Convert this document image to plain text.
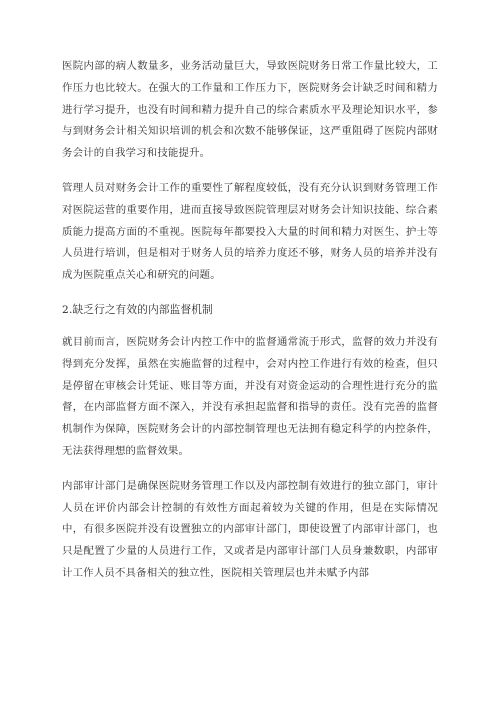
医院内部的病人数量多，业务活动量巨大，导致医院财务日常工作量比较大，工作压力也比较大。在强大的工作量和工作压力下，医院财务会计缺乏时间和精力进行学习提升，也没有时间和精力提升自己的综合素质水平及理论知识水平，参与到财务会计相关知识培训的机会和次数不能够保证，这严重阻碍了医院内部财务会计的自我学习和技能提升。

管理人员对财务会计工作的重要性了解程度较低，没有充分认识到财务管理工作对医院运营的重要作用，进而直接导致医院管理层对财务会计知识技能、综合素质能力提高方面的不重视。医院每年都要投入大量的时间和精力对医生、护士等人员进行培训，但是相对于财务人员的培养力度还不够，财务人员的培养并没有成为医院重点关心和研究的问题。

2.缺乏行之有效的内部监督机制

就目前而言，医院财务会计内控工作中的监督通常流于形式，监督的效力并没有得到充分发挥，虽然在实施监督的过程中，会对内控工作进行有效的检查，但只是停留在审核会计凭证、账目等方面，并没有对资金运动的合理性进行充分的监督，在内部监督方面不深入，并没有承担起监督和指导的责任。没有完善的监督机制作为保障，医院财务会计的内部控制管理也无法拥有稳定科学的内控条件，无法获得理想的监督效果。

内部审计部门是确保医院财务管理工作以及内部控制有效进行的独立部门，审计人员在评价内部会计控制的有效性方面起着较为关键的作用，但是在实际情况中，有很多医院并没有设置独立的内部审计部门，即使设置了内部审计部门，也只是配置了少量的人员进行工作，又或者是内部审计部门人员身兼数职，内部审计工作人员不具备相关的独立性，医院相关管理层也并未赋予内部
